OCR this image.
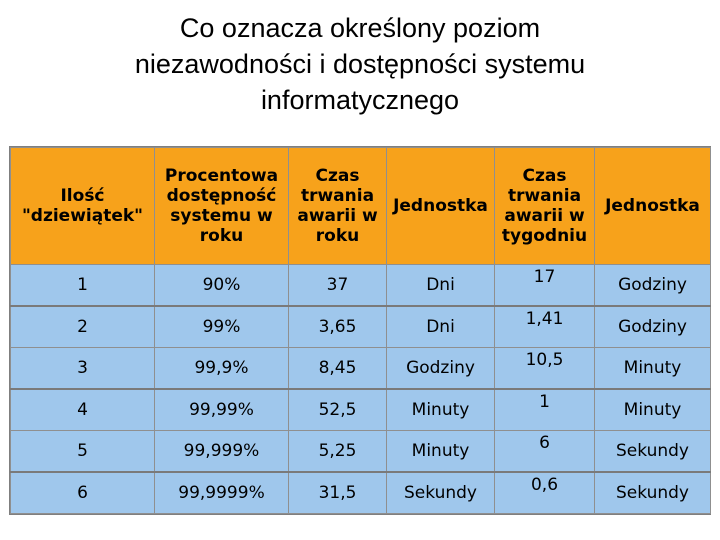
Co oznacza określony poziom
niezawodności i dostępności systemu
informatycznego
Ilość "dziewiątek"	Procentowa dostępność systemu w roku	Czas trwania awarii w roku	Jednostka	Czas trwania awarii w tygodniu	Jednostka
1	90%	37	Dni	17	Godziny
2	99%	3,65	Dni	1,41	Godziny
3	99,9%	8,45	Godziny	10,5	Minuty
4	99,99%	52,5	Minuty	1	Minuty
5	99,999%	5,25	Minuty	6	Sekundy
6	99,9999%	31,5	Sekundy	0,6	Sekundy
